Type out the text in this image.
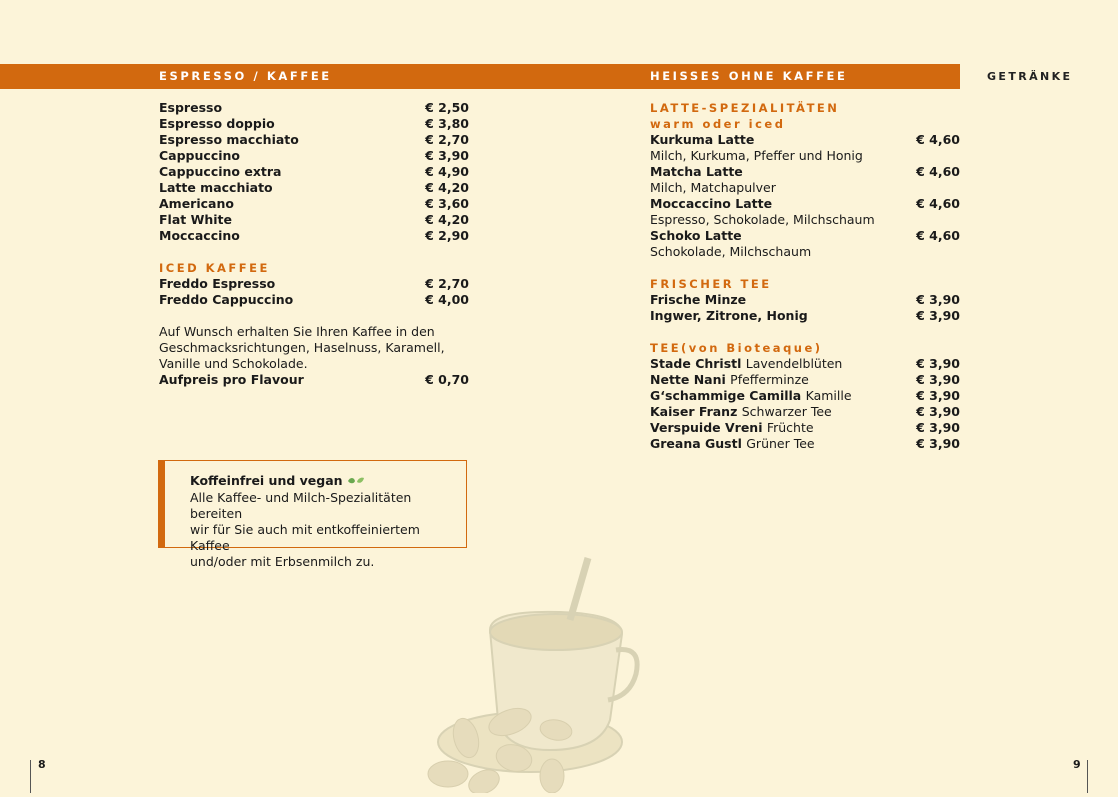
ESPRESSO / KAFFEE	HEISSES OHNE KAFFEE	GETRÄNKE
Espresso	€ 2,50
Espresso doppio	€ 3,80
Espresso macchiato	€ 2,70
Cappuccino	€ 3,90
Cappuccino extra	€ 4,90
Latte macchiato	€ 4,20
Americano	€ 3,60
Flat White	€ 4,20
Moccaccino	€ 2,90
ICED KAFFEE
Freddo Espresso	€ 2,70
Freddo Cappuccino	€ 4,00
Auf Wunsch erhalten Sie Ihren Kaffee in den
Geschmacksrichtungen, Haselnuss, Karamell,
Vanille und Schokolade.
Aufpreis pro Flavour	€ 0,70
Koffeinfrei und vegan
Alle Kaffee- und Milch-Spezialitäten bereiten
wir für Sie auch mit entkoffeiniertem Kaffee
und/oder mit Erbsenmilch zu.
LATTE-SPEZIALITÄTEN
warm oder iced
Kurkuma Latte	€ 4,60
Milch, Kurkuma, Pfeffer und Honig
Matcha Latte	€ 4,60
Milch, Matchapulver
Moccaccino Latte	€ 4,60
Espresso, Schokolade, Milchschaum
Schoko Latte	€ 4,60
Schokolade, Milchschaum
FRISCHER TEE
Frische Minze	€ 3,90
Ingwer, Zitrone, Honig	€ 3,90
TEE(von Bioteaque)
Stade Christl Lavendelblüten	€ 3,90
Nette Nani Pfefferminze	€ 3,90
G‘schammige Camilla Kamille	€ 3,90
Kaiser Franz Schwarzer Tee	€ 3,90
Verspuide Vreni Früchte	€ 3,90
Greana Gustl Grüner Tee	€ 3,90
8	9
